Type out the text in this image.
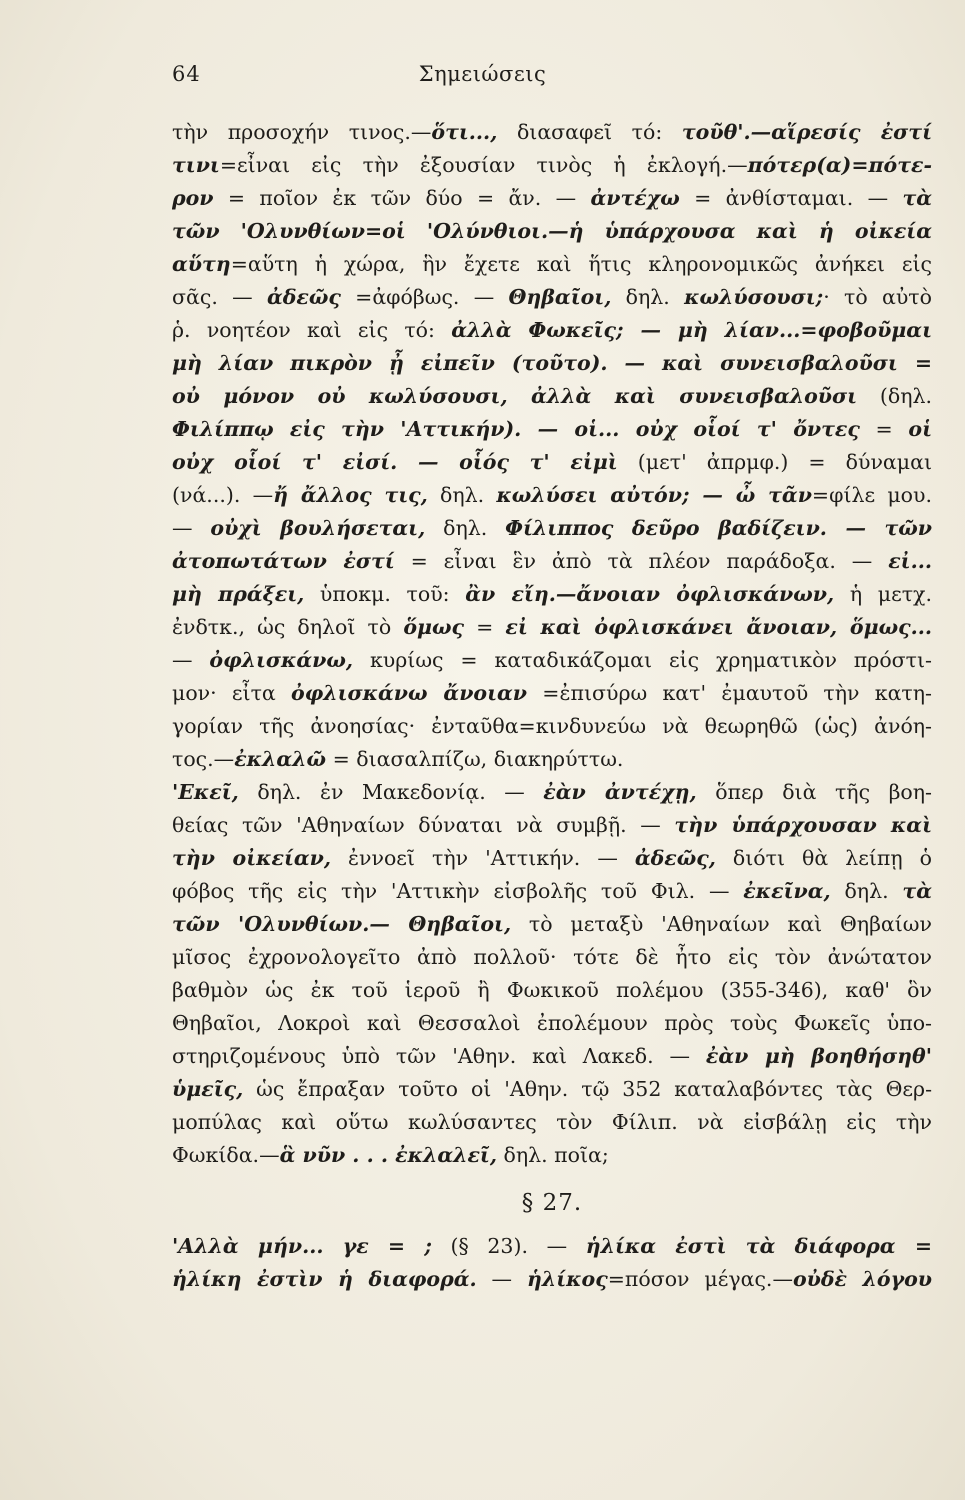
64	Σημειώσεις
τὴν προσοχήν τινος.—ὅτι..., διασαφεῖ τό: τοῦθ'.—αἵρεσίς ἐστί
τινι=εἶναι εἰς τὴν ἐξουσίαν τινὸς ἡ ἐκλογή.—πότερ(α)=πότε-
ρον = ποῖον ἐκ τῶν δύο = ἄν. — ἀντέχω = ἀνθίσταμαι. — τὰ
τῶν 'Ολυνθίων=οἱ 'Ολύνθιοι.—ἡ ὑπάρχουσα καὶ ἡ οἰκεία
αὕτη=αὕτη ἡ χώρα, ἣν ἔχετε καὶ ἥτις κληρονομικῶς ἀνήκει εἰς
σᾶς. — ἀδεῶς =ἀφόβως. — Θηβαῖοι, δηλ. κωλύσουσι;· τὸ αὐτὸ
ῥ. νοητέον καὶ εἰς τό: ἀλλὰ Φωκεῖς; — μὴ λίαν...=φοβοῦμαι
μὴ λίαν πικρὸν ᾖ εἰπεῖν (τοῦτο). — καὶ συνεισβαλοῦσι =
οὐ μόνον οὐ κωλύσουσι, ἀλλὰ καὶ συνεισβαλοῦσι (δηλ.
Φιλίππῳ εἰς τὴν 'Αττικήν). — οἱ... οὐχ οἷοί τ' ὄντες = οἱ
οὐχ οἷοί τ' εἰσί. — οἷός τ' εἰμὶ (μετ' ἀπρμφ.) = δύναμαι
(νά...). —ἤ ἄλλος τις, δηλ. κωλύσει αὐτόν; — ὦ τᾶν=φίλε μου.
— οὐχὶ βουλήσεται, δηλ. Φίλιππος δεῦρο βαδίζειν. — τῶν
ἀτοπωτάτων ἐστί = εἶναι ἓν ἀπὸ τὰ πλέον παράδοξα. — εἰ...
μὴ πράξει, ὑποκμ. τοῦ: ἂν εἴη.—ἄνοιαν ὀφλισκάνων, ἡ μετχ.
ἐνδτκ., ὡς δηλοῖ τὸ ὅμως = εἰ καὶ ὀφλισκάνει ἄνοιαν, ὅμως...
— ὀφλισκάνω, κυρίως = καταδικάζομαι εἰς χρηματικὸν πρόστι-
μον· εἶτα ὀφλισκάνω ἄνοιαν =ἐπισύρω κατ' ἐμαυτοῦ τὴν κατη-
γορίαν τῆς ἀνοησίας· ἐνταῦθα=κινδυνεύω νὰ θεωρηθῶ (ὡς) ἀνόη-
τος.—ἐκλαλῶ = διασαλπίζω, διακηρύττω.
'Εκεῖ, δηλ. ἐν Μακεδονίᾳ. — ἐὰν ἀντέχῃ, ὅπερ διὰ τῆς βοη-
θείας τῶν 'Αθηναίων δύναται νὰ συμβῇ. — τὴν ὑπάρχουσαν καὶ
τὴν οἰκείαν, ἐννοεῖ τὴν 'Αττικήν. — ἀδεῶς, διότι θὰ λείπῃ ὁ
φόβος τῆς εἰς τὴν 'Αττικὴν εἰσβολῆς τοῦ Φιλ. — ἐκεῖνα, δηλ. τὰ
τῶν 'Ολυνθίων.— Θηβαῖοι, τὸ μεταξὺ 'Αθηναίων καὶ Θηβαίων
μῖσος ἐχρονολογεῖτο ἀπὸ πολλοῦ· τότε δὲ ἦτο εἰς τὸν ἀνώτατον
βαθμὸν ὡς ἐκ τοῦ ἱεροῦ ἢ Φωκικοῦ πολέμου (355-346), καθ' ὃν
Θηβαῖοι, Λοκροὶ καὶ Θεσσαλοὶ ἐπολέμουν πρὸς τοὺς Φωκεῖς ὑπο-
στηριζομένους ὑπὸ τῶν 'Αθην. καὶ Λακεδ. — ἐὰν μὴ βοηθήσηθ'
ὑμεῖς, ὡς ἔπραξαν τοῦτο οἱ 'Αθην. τῷ 352 καταλαβόντες τὰς Θερ-
μοπύλας καὶ οὕτω κωλύσαντες τὸν Φίλιπ. νὰ εἰσβάλῃ εἰς τὴν
Φωκίδα.—ἃ νῦν . . . ἐκλαλεῖ, δηλ. ποῖα;
§ 27.
'Αλλὰ μήν... γε = ; (§ 23). — ἡλίκα ἐστὶ τὰ διάφορα =
ἡλίκη ἐστὶν ἡ διαφορά. — ἡλίκος=πόσον μέγας.—οὐδὲ λόγου
